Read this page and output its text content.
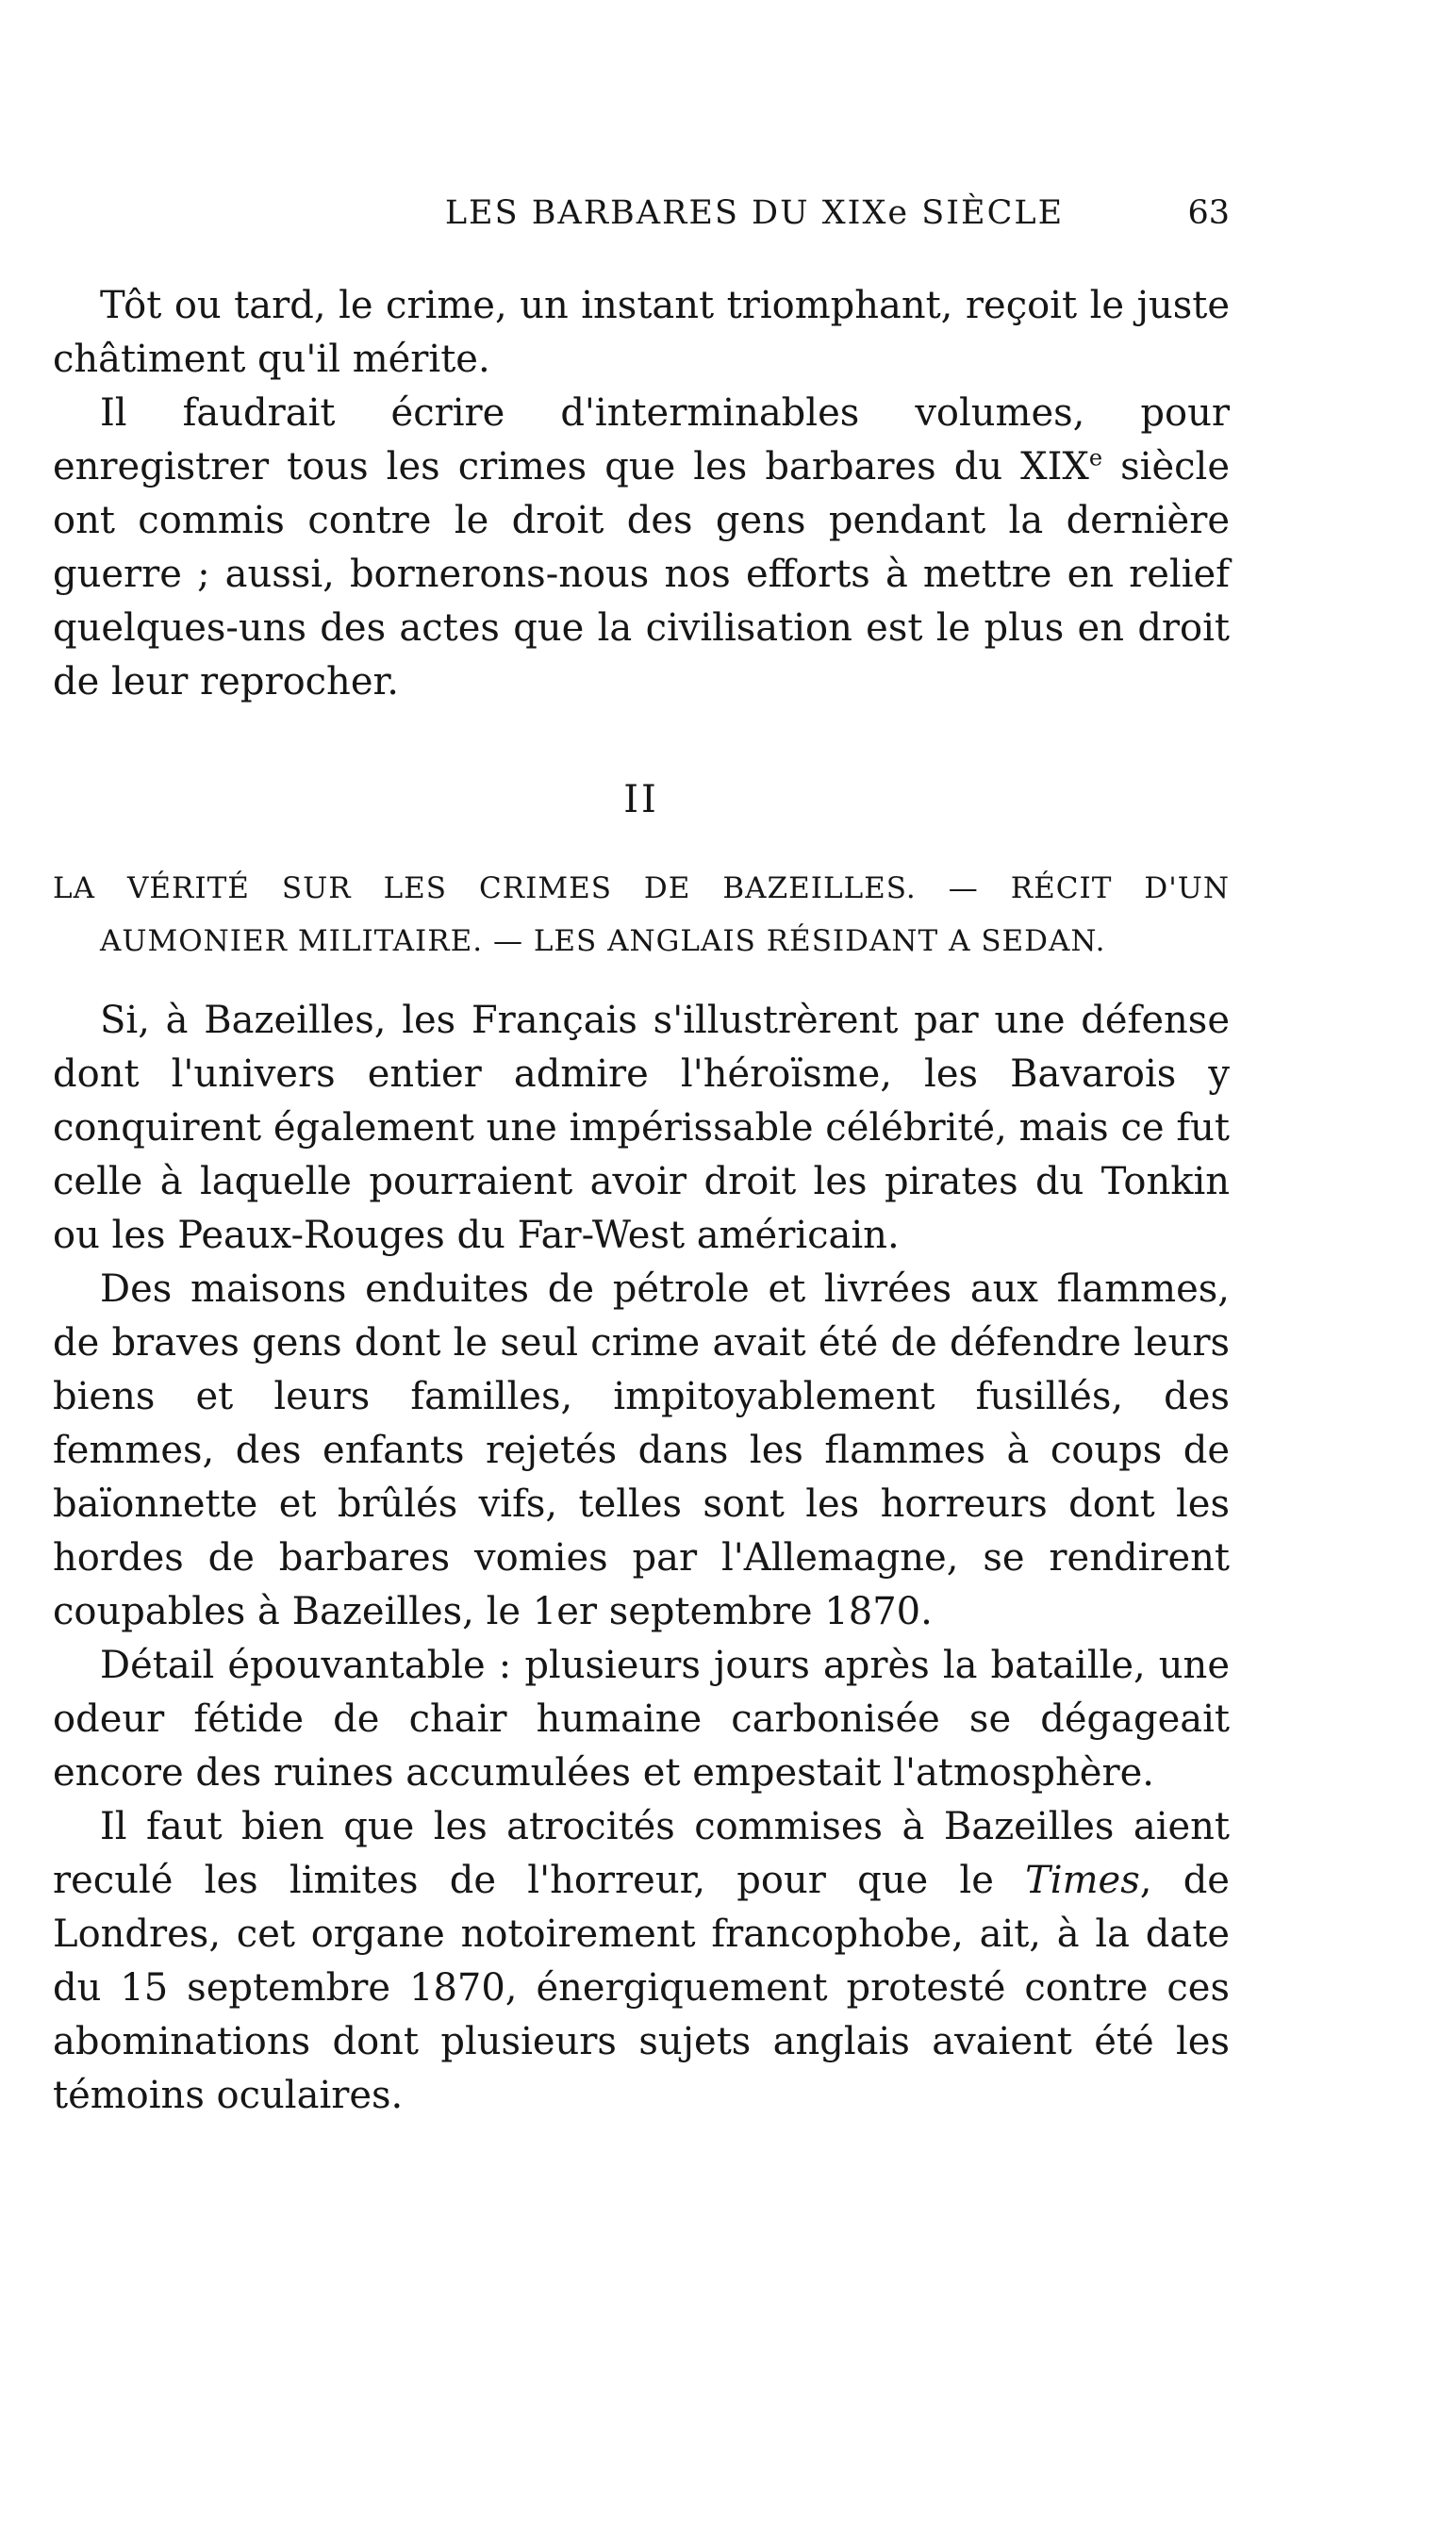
LES BARBARES DU XIXe SIÈCLE	63

Tôt ou tard, le crime, un instant triomphant, reçoit le juste châtiment qu'il mérite.

Il faudrait écrire d'interminables volumes, pour enregistrer tous les crimes que les barbares du XIXe siècle ont commis contre le droit des gens pendant la dernière guerre ; aussi, bornerons-nous nos efforts à mettre en relief quelques-uns des actes que la civilisation est le plus en droit de leur reprocher.

II
LA VÉRITÉ SUR LES CRIMES DE BAZEILLES. — RÉCIT D'UN
AUMONIER MILITAIRE. — LES ANGLAIS RÉSIDANT A SEDAN.

Si, à Bazeilles, les Français s'illustrèrent par une défense dont l'univers entier admire l'héroïsme, les Bavarois y conquirent également une impérissable célébrité, mais ce fut celle à laquelle pourraient avoir droit les pirates du Tonkin ou les Peaux-Rouges du Far-West américain.

Des maisons enduites de pétrole et livrées aux flammes, de braves gens dont le seul crime avait été de défendre leurs biens et leurs familles, impitoyablement fusillés, des femmes, des enfants rejetés dans les flammes à coups de baïonnette et brûlés vifs, telles sont les horreurs dont les hordes de barbares vomies par l'Allemagne, se rendirent coupables à Bazeilles, le 1er septembre 1870.

Détail épouvantable : plusieurs jours après la bataille, une odeur fétide de chair humaine carbonisée se dégageait encore des ruines accumulées et empestait l'atmosphère.

Il faut bien que les atrocités commises à Bazeilles aient reculé les limites de l'horreur, pour que le Times, de Londres, cet organe notoirement francophobe, ait, à la date du 15 septembre 1870, énergiquement protesté contre ces abominations dont plusieurs sujets anglais avaient été les témoins oculaires.
